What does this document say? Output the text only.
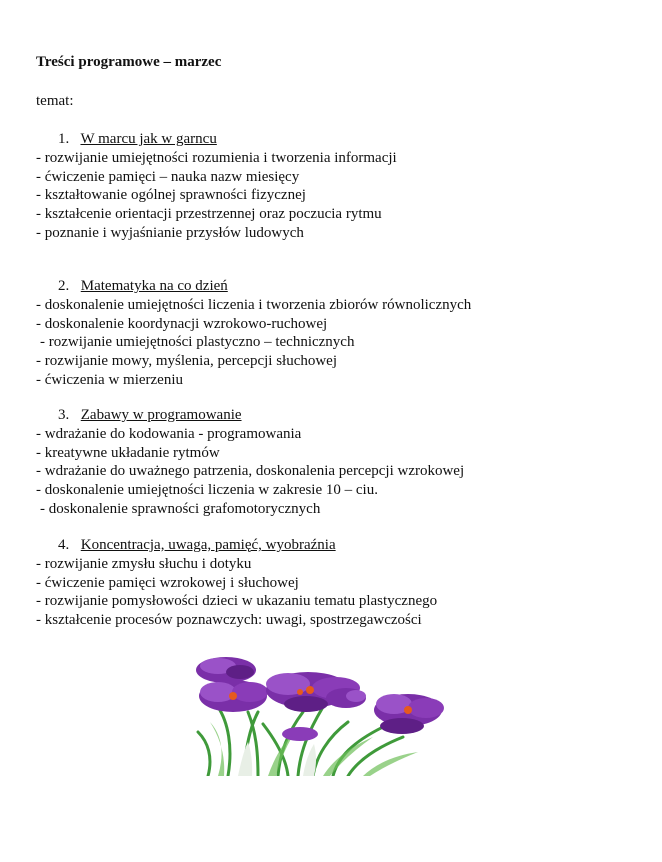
Treści programowe – marzec
temat:
1. W marcu jak w garncu
- rozwijanie umiejętności rozumienia i tworzenia informacji
- ćwiczenie pamięci – nauka nazw miesięcy
- kształtowanie ogólnej sprawności fizycznej
- kształcenie orientacji przestrzennej oraz poczucia rytmu
- poznanie i wyjaśnianie przysłów ludowych
2. Matematyka na co dzień
- doskonalenie umiejętności liczenia i tworzenia zbiorów równolicznych
- doskonalenie koordynacji wzrokowo-ruchowej
- rozwijanie umiejętności plastyczno – technicznych
- rozwijanie mowy, myślenia, percepcji słuchowej
- ćwiczenia w mierzeniu
3. Zabawy w programowanie
- wdrażanie do kodowania - programowania
- kreatywne układanie rytmów
- wdrażanie do uważnego patrzenia, doskonalenia percepcji wzrokowej
- doskonalenie umiejętności liczenia w zakresie 10 – ciu.
- doskonalenie sprawności grafomotorycznych
4. Koncentracja, uwaga, pamięć, wyobraźnia
- rozwijanie zmysłu słuchu i dotyku
- ćwiczenie pamięci wzrokowej i słuchowej
- rozwijanie pomysłowości dzieci w ukazaniu tematu plastycznego
- kształcenie procesów poznawczych: uwagi, spostrzegawczości
